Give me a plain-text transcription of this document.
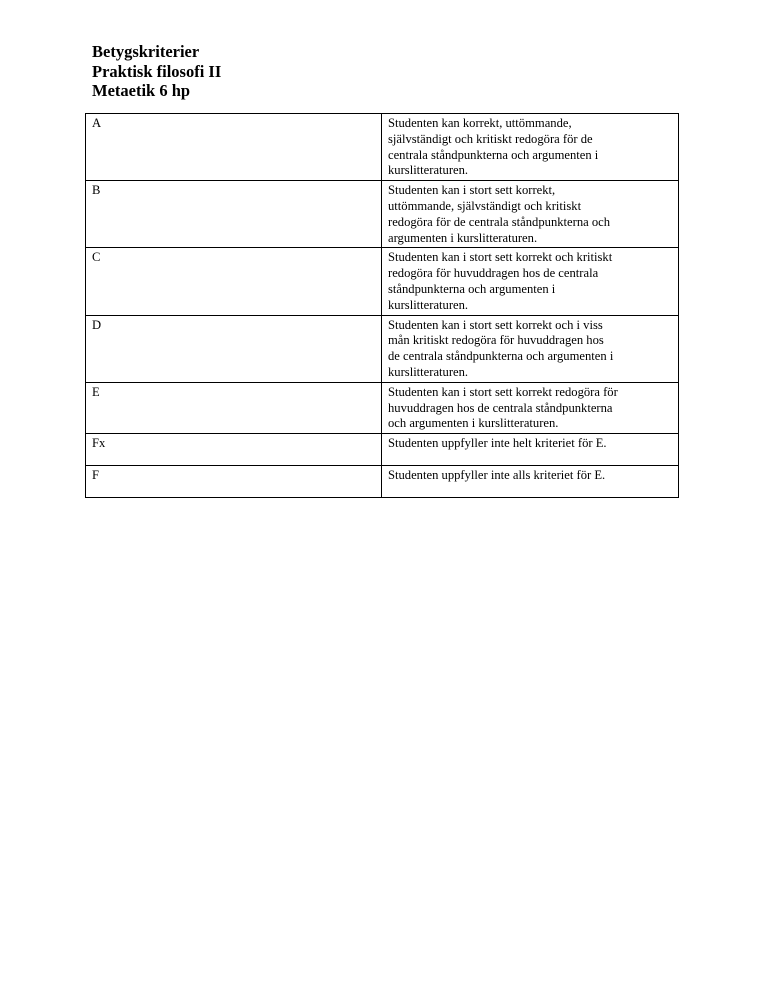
Betygskriterier
Praktisk filosofi II
Metaetik 6 hp
A	Studenten kan korrekt, uttömmande,
självständigt och kritiskt redogöra för de
centrala ståndpunkterna och argumenten i
kurslitteraturen.

B	Studenten kan i stort sett korrekt,
uttömmande, självständigt och kritiskt
redogöra för de centrala ståndpunkterna och
argumenten i kurslitteraturen.

C	Studenten kan i stort sett korrekt och kritiskt
redogöra för huvuddragen hos de centrala
ståndpunkterna och argumenten i
kurslitteraturen.

D	Studenten kan i stort sett korrekt och i viss
mån kritiskt redogöra för huvuddragen hos
de centrala ståndpunkterna och argumenten i
kurslitteraturen.

E	Studenten kan i stort sett korrekt redogöra för
huvuddragen hos de centrala ståndpunkterna
och argumenten i kurslitteraturen.

Fx	Studenten uppfyller inte helt kriteriet för E.

F	Studenten uppfyller inte alls kriteriet för E.
